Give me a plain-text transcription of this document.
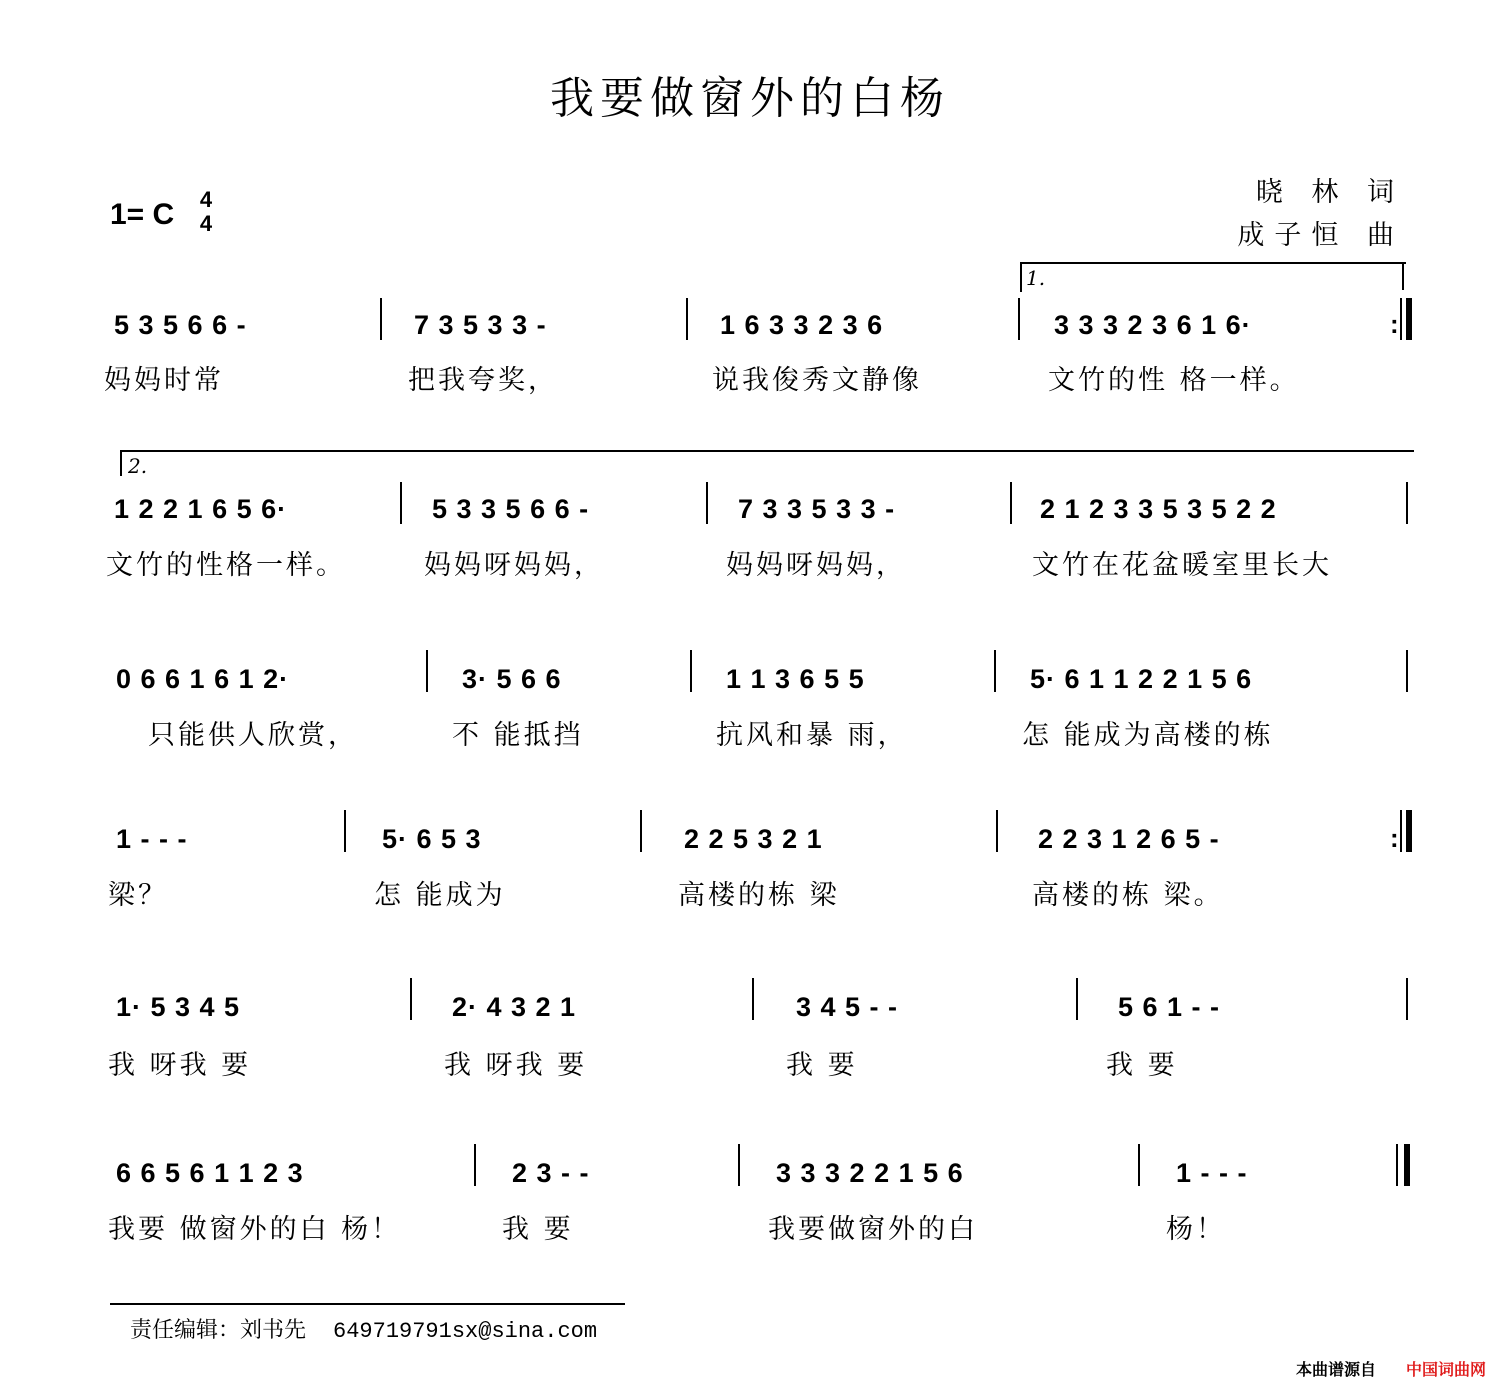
我要做窗外的白杨
晓 林 词
成子恒 曲
1= C 4
4
1.
2.
5 3 5 6 6 -	7 3 5 3 3 -	1 6 3 3 2 3 6	3 3 3 2 3 6 1 6·	:
妈妈时常	把我夸奖，	说我俊秀文静像	文竹的性 格一样。
1 2 2 1 6 5 6·	5 3 3 5 6 6 -	7 3 3 5 3 3 -	2 1 2 3 3 5 3 5 2 2
文竹的性格一样。	妈妈呀妈妈，	妈妈呀妈妈，	文竹在花盆暖室里长大
0 6 6 1 6 1 2·	3· 5 6 6	1 1 3 6 5 5	5· 6 1 1 2 2 1 5 6
只能供人欣赏，	不 能抵挡	抗风和暴 雨，	怎 能成为高楼的栋
1 - - -	5· 6 5 3	2 2 5 3 2 1	2 2 3 1 2 6 5 -	:
梁？	怎 能成为	高楼的栋 梁	高楼的栋 梁。
1· 5 3 4 5	2· 4 3 2 1	3 4 5 - -	5 6 1 - -
我 呀我 要	我 呀我 要	我 要	我 要
6 6 5 6 1 1 2 3	2 3 - -	3 3 3 2 2 1 5 6	1 - - -
我要 做窗外的白 杨！	我 要	我要做窗外的白	杨！
责任编辑：刘书先 649719791sx@sina.com
本曲谱源自 中国词曲网
